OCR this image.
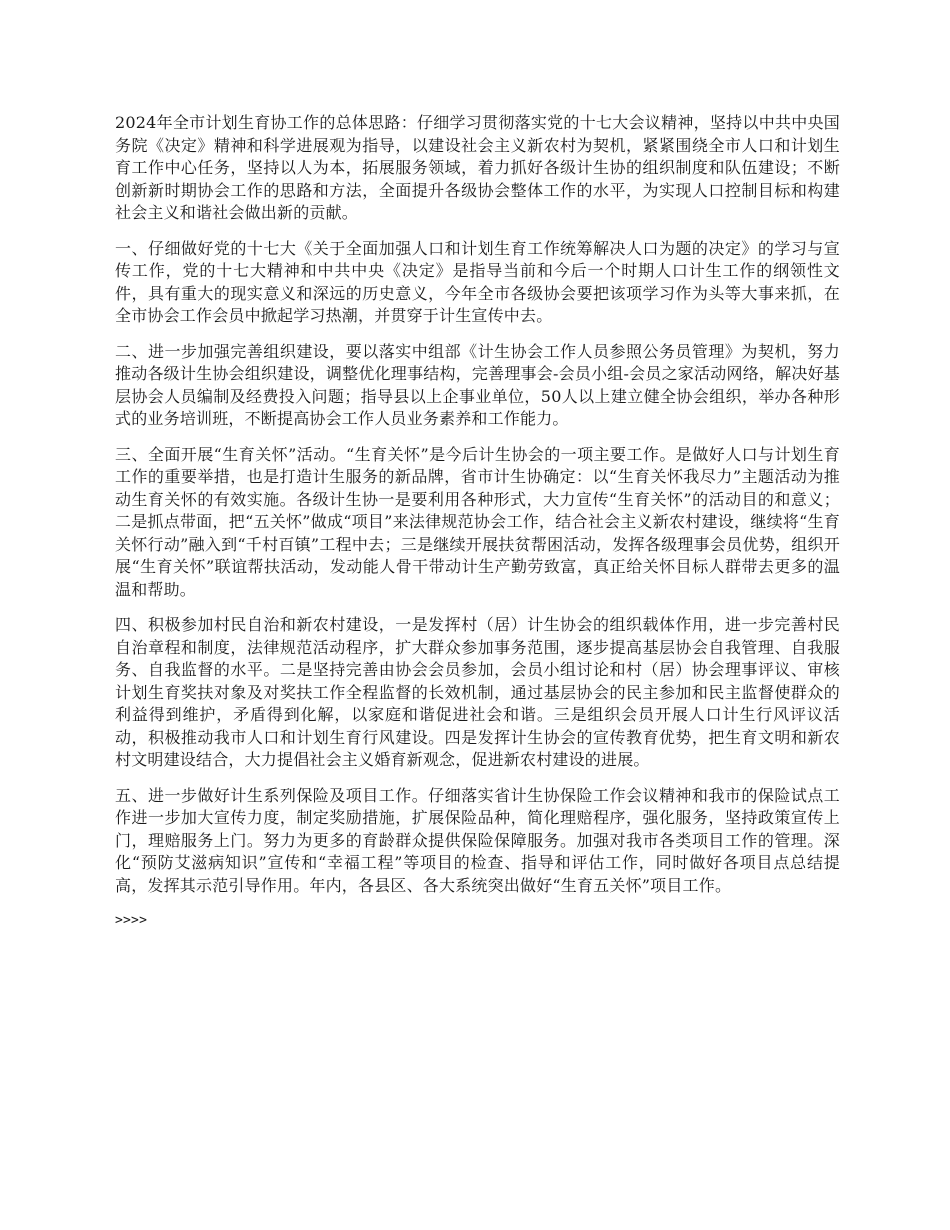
2024年全市计划生育协工作的总体思路：仔细学习贯彻落实党的十七大会议精神，坚持以中共中央国务院《决定》精神和科学进展观为指导，以建设社会主义新农村为契机，紧紧围绕全市人口和计划生育工作中心任务，坚持以人为本，拓展服务领域，着力抓好各级计生协的组织制度和队伍建设；不断创新新时期协会工作的思路和方法，全面提升各级协会整体工作的水平，为实现人口控制目标和构建社会主义和谐社会做出新的贡献。

一、仔细做好党的十七大《关于全面加强人口和计划生育工作统筹解决人口为题的决定》的学习与宣传工作，党的十七大精神和中共中央《决定》是指导当前和今后一个时期人口计生工作的纲领性文件，具有重大的现实意义和深远的历史意义，今年全市各级协会要把该项学习作为头等大事来抓，在全市协会工作会员中掀起学习热潮，并贯穿于计生宣传中去。

二、进一步加强完善组织建设，要以落实中组部《计生协会工作人员参照公务员管理》为契机，努力推动各级计生协会组织建设，调整优化理事结构，完善理事会-会员小组-会员之家活动网络，解决好基层协会人员编制及经费投入问题；指导县以上企事业单位，50人以上建立健全协会组织，举办各种形式的业务培训班，不断提高协会工作人员业务素养和工作能力。

三、全面开展“生育关怀”活动。“生育关怀”是今后计生协会的一项主要工作。是做好人口与计划生育工作的重要举措，也是打造计生服务的新品牌，省市计生协确定：以“生育关怀我尽力”主题活动为推动生育关怀的有效实施。各级计生协一是要利用各种形式，大力宣传“生育关怀”的活动目的和意义；二是抓点带面，把“五关怀”做成“项目”来法律规范协会工作，结合社会主义新农村建设，继续将“生育关怀行动”融入到“千村百镇”工程中去；三是继续开展扶贫帮困活动，发挥各级理事会员优势，组织开展“生育关怀”联谊帮扶活动，发动能人骨干带动计生产勤劳致富，真正给关怀目标人群带去更多的温温和帮助。

四、积极参加村民自治和新农村建设，一是发挥村（居）计生协会的组织载体作用，进一步完善村民自治章程和制度，法律规范活动程序，扩大群众参加事务范围，逐步提高基层协会自我管理、自我服务、自我监督的水平。二是坚持完善由协会会员参加，会员小组讨论和村（居）协会理事评议、审核计划生育奖扶对象及对奖扶工作全程监督的长效机制，通过基层协会的民主参加和民主监督使群众的利益得到维护，矛盾得到化解，以家庭和谐促进社会和谐。三是组织会员开展人口计生行风评议活动，积极推动我市人口和计划生育行风建设。四是发挥计生协会的宣传教育优势，把生育文明和新农村文明建设结合，大力提倡社会主义婚育新观念，促进新农村建设的进展。

五、进一步做好计生系列保险及项目工作。仔细落实省计生协保险工作会议精神和我市的保险试点工作进一步加大宣传力度，制定奖励措施，扩展保险品种，简化理赔程序，强化服务，坚持政策宣传上门，理赔服务上门。努力为更多的育龄群众提供保险保障服务。加强对我市各类项目工作的管理。深化“预防艾滋病知识”宣传和“幸福工程”等项目的检查、指导和评估工作，同时做好各项目点总结提高，发挥其示范引导作用。年内，各县区、各大系统突出做好“生育五关怀”项目工作。

>>>>
